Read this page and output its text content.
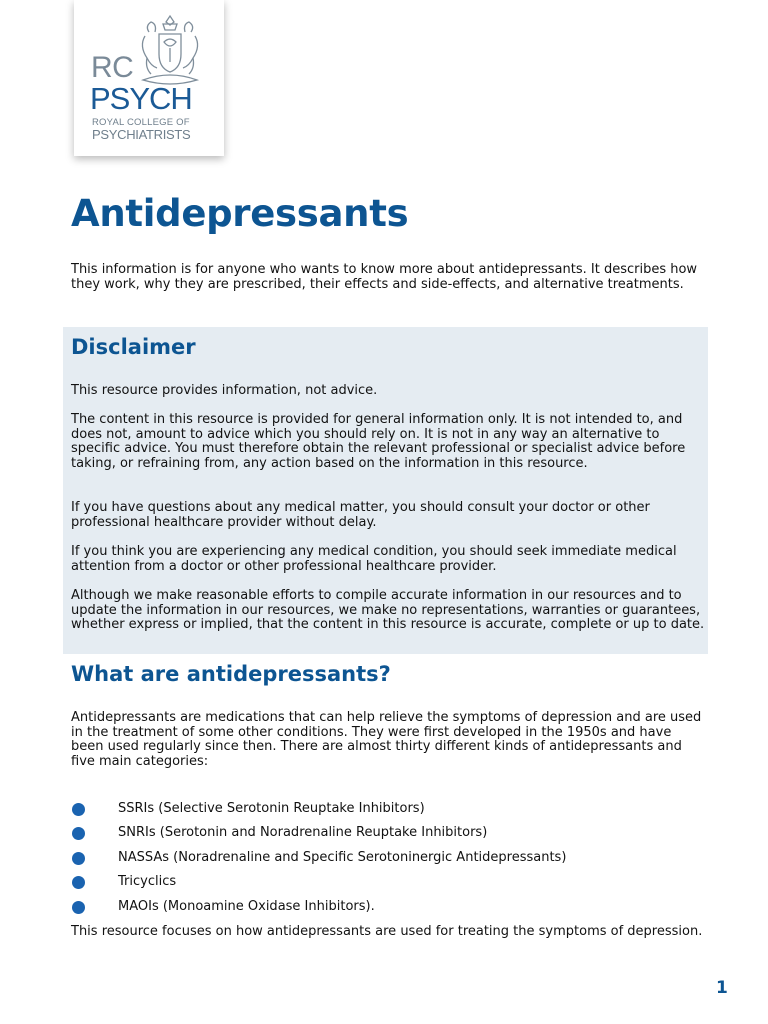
RC
PSYCH
ROYAL COLLEGE OF
PSYCHIATRISTS
Antidepressants

This information is for anyone who wants to know more about antidepressants. It describes how they work, why they are prescribed, their effects and side-effects, and alternative treatments.

Disclaimer

This resource provides information, not advice.

The content in this resource is provided for general information only. It is not intended to, and does not, amount to advice which you should rely on. It is not in any way an alternative to specific advice. You must therefore obtain the relevant professional or specialist advice before taking, or refraining from, any action based on the information in this resource.

If you have questions about any medical matter, you should consult your doctor or other professional healthcare provider without delay.

If you think you are experiencing any medical condition, you should seek immediate medical attention from a doctor or other professional healthcare provider.

Although we make reasonable efforts to compile accurate information in our resources and to update the information in our resources, we make no representations, warranties or guarantees, whether express or implied, that the content in this resource is accurate, complete or up to date.

What are antidepressants?

Antidepressants are medications that can help relieve the symptoms of depression and are used in the treatment of some other conditions. They were first developed in the 1950s and have been used regularly since then. There are almost thirty different kinds of antidepressants and five main categories:

SSRIs (Selective Serotonin Reuptake Inhibitors)
SNRIs (Serotonin and Noradrenaline Reuptake Inhibitors)
NASSAs (Noradrenaline and Specific Serotoninergic Antidepressants)
Tricyclics
MAOIs (Monoamine Oxidase Inhibitors).

This resource focuses on how antidepressants are used for treating the symptoms of depression.

1
